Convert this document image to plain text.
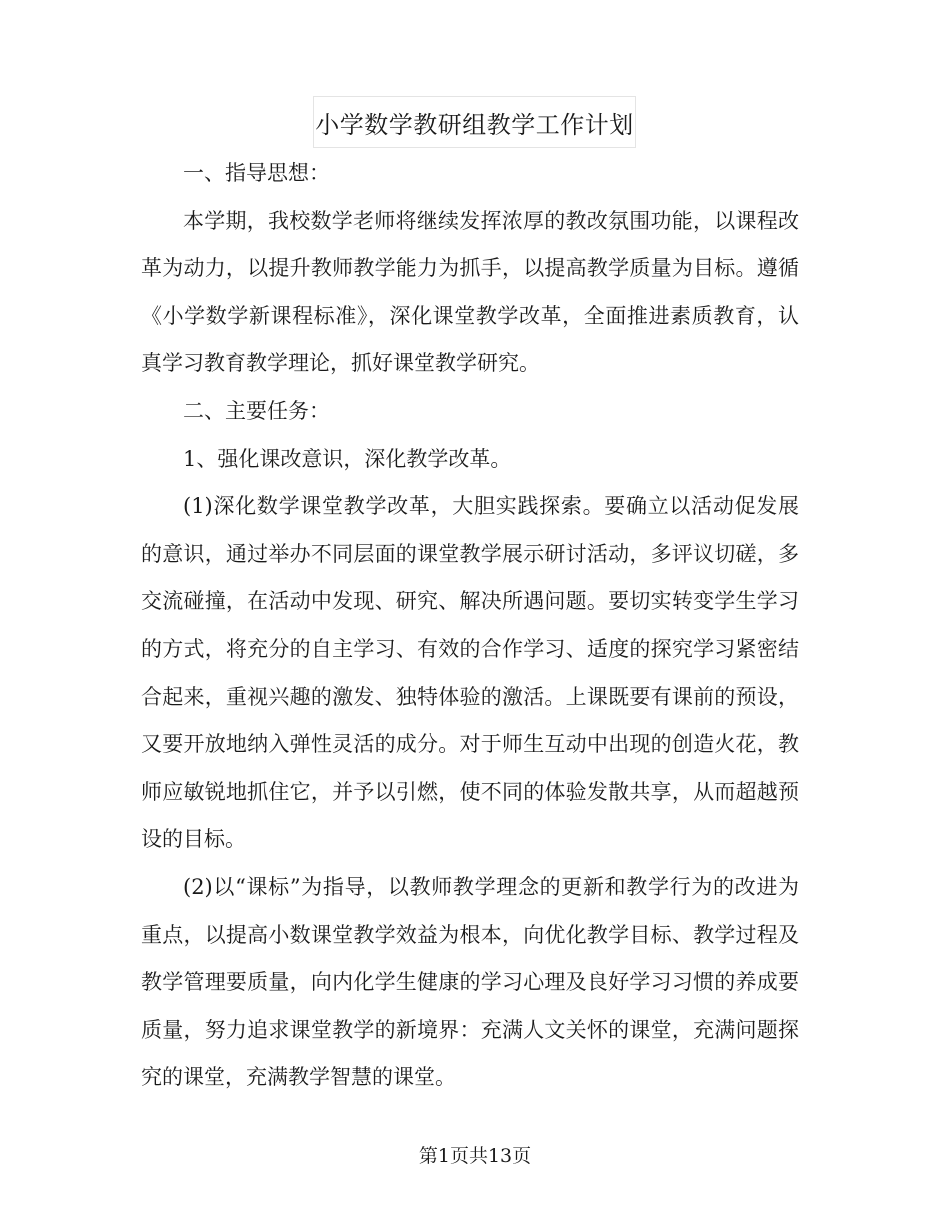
小学数学教研组教学工作计划

一、指导思想：

本学期，我校数学老师将继续发挥浓厚的教改氛围功能，以课程改革为动力，以提升教师教学能力为抓手，以提高教学质量为目标。遵循《小学数学新课程标准》，深化课堂教学改革，全面推进素质教育，认真学习教育教学理论，抓好课堂教学研究。

二、主要任务：

1、强化课改意识，深化教学改革。

(1)深化数学课堂教学改革，大胆实践探索。要确立以活动促发展的意识，通过举办不同层面的课堂教学展示研讨活动，多评议切磋，多交流碰撞，在活动中发现、研究、解决所遇问题。要切实转变学生学习的方式，将充分的自主学习、有效的合作学习、适度的探究学习紧密结合起来，重视兴趣的激发、独特体验的激活。上课既要有课前的预设，又要开放地纳入弹性灵活的成分。对于师生互动中出现的创造火花，教师应敏锐地抓住它，并予以引燃，使不同的体验发散共享，从而超越预设的目标。

(2)以“课标”为指导，以教师教学理念的更新和教学行为的改进为重点，以提高小数课堂教学效益为根本，向优化教学目标、教学过程及教学管理要质量，向内化学生健康的学习心理及良好学习习惯的养成要质量，努力追求课堂教学的新境界：充满人文关怀的课堂，充满问题探究的课堂，充满教学智慧的课堂。

第1页共13页
